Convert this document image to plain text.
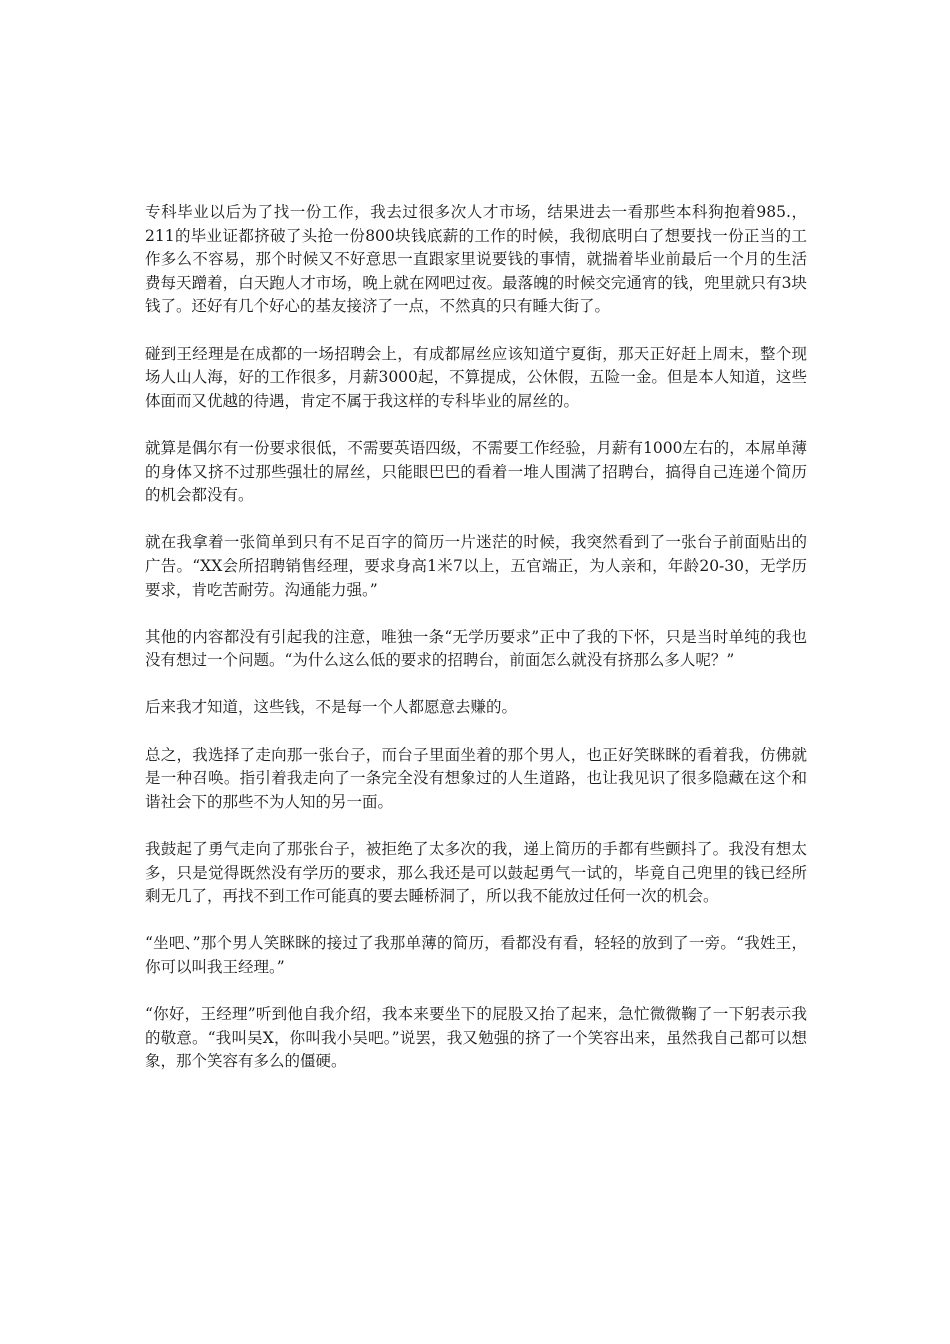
专科毕业以后为了找一份工作，我去过很多次人才市场，结果进去一看那些本科狗抱着985.，211的毕业证都挤破了头抢一份800块钱底薪的工作的时候，我彻底明白了想要找一份正当的工作多么不容易，那个时候又不好意思一直跟家里说要钱的事情，就揣着毕业前最后一个月的生活费每天蹭着，白天跑人才市场，晚上就在网吧过夜。最落魄的时候交完通宵的钱，兜里就只有3块钱了。还好有几个好心的基友接济了一点，不然真的只有睡大街了。

碰到王经理是在成都的一场招聘会上，有成都屌丝应该知道宁夏街，那天正好赶上周末，整个现场人山人海，好的工作很多，月薪3000起，不算提成，公休假，五险一金。但是本人知道，这些体面而又优越的待遇，肯定不属于我这样的专科毕业的屌丝的。

就算是偶尔有一份要求很低，不需要英语四级，不需要工作经验，月薪有1000左右的，本屌单薄的身体又挤不过那些强壮的屌丝，只能眼巴巴的看着一堆人围满了招聘台，搞得自己连递个简历的机会都没有。

就在我拿着一张简单到只有不足百字的简历一片迷茫的时候，我突然看到了一张台子前面贴出的广告。“XX会所招聘销售经理，要求身高1米7以上，五官端正，为人亲和，年龄20-30，无学历要求，肯吃苦耐劳。沟通能力强。”

其他的内容都没有引起我的注意，唯独一条“无学历要求”正中了我的下怀，只是当时单纯的我也没有想过一个问题。“为什么这么低的要求的招聘台，前面怎么就没有挤那么多人呢？”

后来我才知道，这些钱，不是每一个人都愿意去赚的。

总之，我选择了走向那一张台子，而台子里面坐着的那个男人，也正好笑眯眯的看着我，仿佛就是一种召唤。指引着我走向了一条完全没有想象过的人生道路，也让我见识了很多隐藏在这个和谐社会下的那些不为人知的另一面。

我鼓起了勇气走向了那张台子，被拒绝了太多次的我，递上简历的手都有些颤抖了。我没有想太多，只是觉得既然没有学历的要求，那么我还是可以鼓起勇气一试的，毕竟自己兜里的钱已经所剩无几了，再找不到工作可能真的要去睡桥洞了，所以我不能放过任何一次的机会。

“坐吧、”那个男人笑眯眯的接过了我那单薄的简历，看都没有看，轻轻的放到了一旁。“我姓王，你可以叫我王经理。”

“你好，王经理”听到他自我介绍，我本来要坐下的屁股又抬了起来，急忙微微鞠了一下躬表示我的敬意。“我叫吴X，你叫我小吴吧。”说罢，我又勉强的挤了一个笑容出来，虽然我自己都可以想象，那个笑容有多么的僵硬。
